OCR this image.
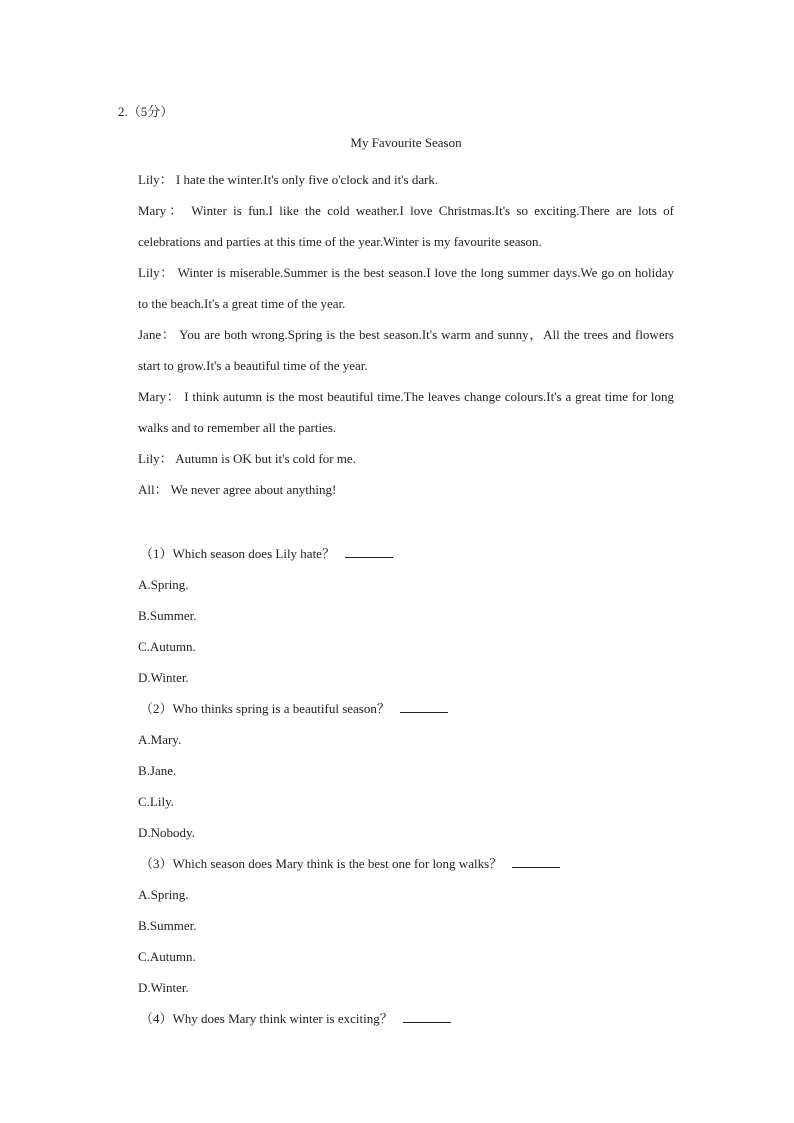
2.（5分）
My Favourite Season

Lily： I hate the winter.It's only five o'clock and it's dark.

Mary： Winter is fun.I like the cold weather.I love Christmas.It's so exciting.There are lots of celebrations and parties at this time of the year.Winter is my favourite season.

Lily： Winter is miserable.Summer is the best season.I love the long summer days.We go on holiday to the beach.It's a great time of the year.

Jane： You are both wrong.Spring is the best season.It's warm and sunny，All the trees and flowers start to grow.It's a beautiful time of the year.

Mary： I think autumn is the most beautiful time.The leaves change colours.It's a great time for long walks and to remember all the parties.

Lily： Autumn is OK but it's cold for me.

All： We never agree about anything!

（1）Which season does Lily hate？

A.Spring.

B.Summer.

C.Autumn.

D.Winter.

（2）Who thinks spring is a beautiful season？

A.Mary.

B.Jane.

C.Lily.

D.Nobody.

（3）Which season does Mary think is the best one for long walks？

A.Spring.

B.Summer.

C.Autumn.

D.Winter.

（4）Why does Mary think winter is exciting？
